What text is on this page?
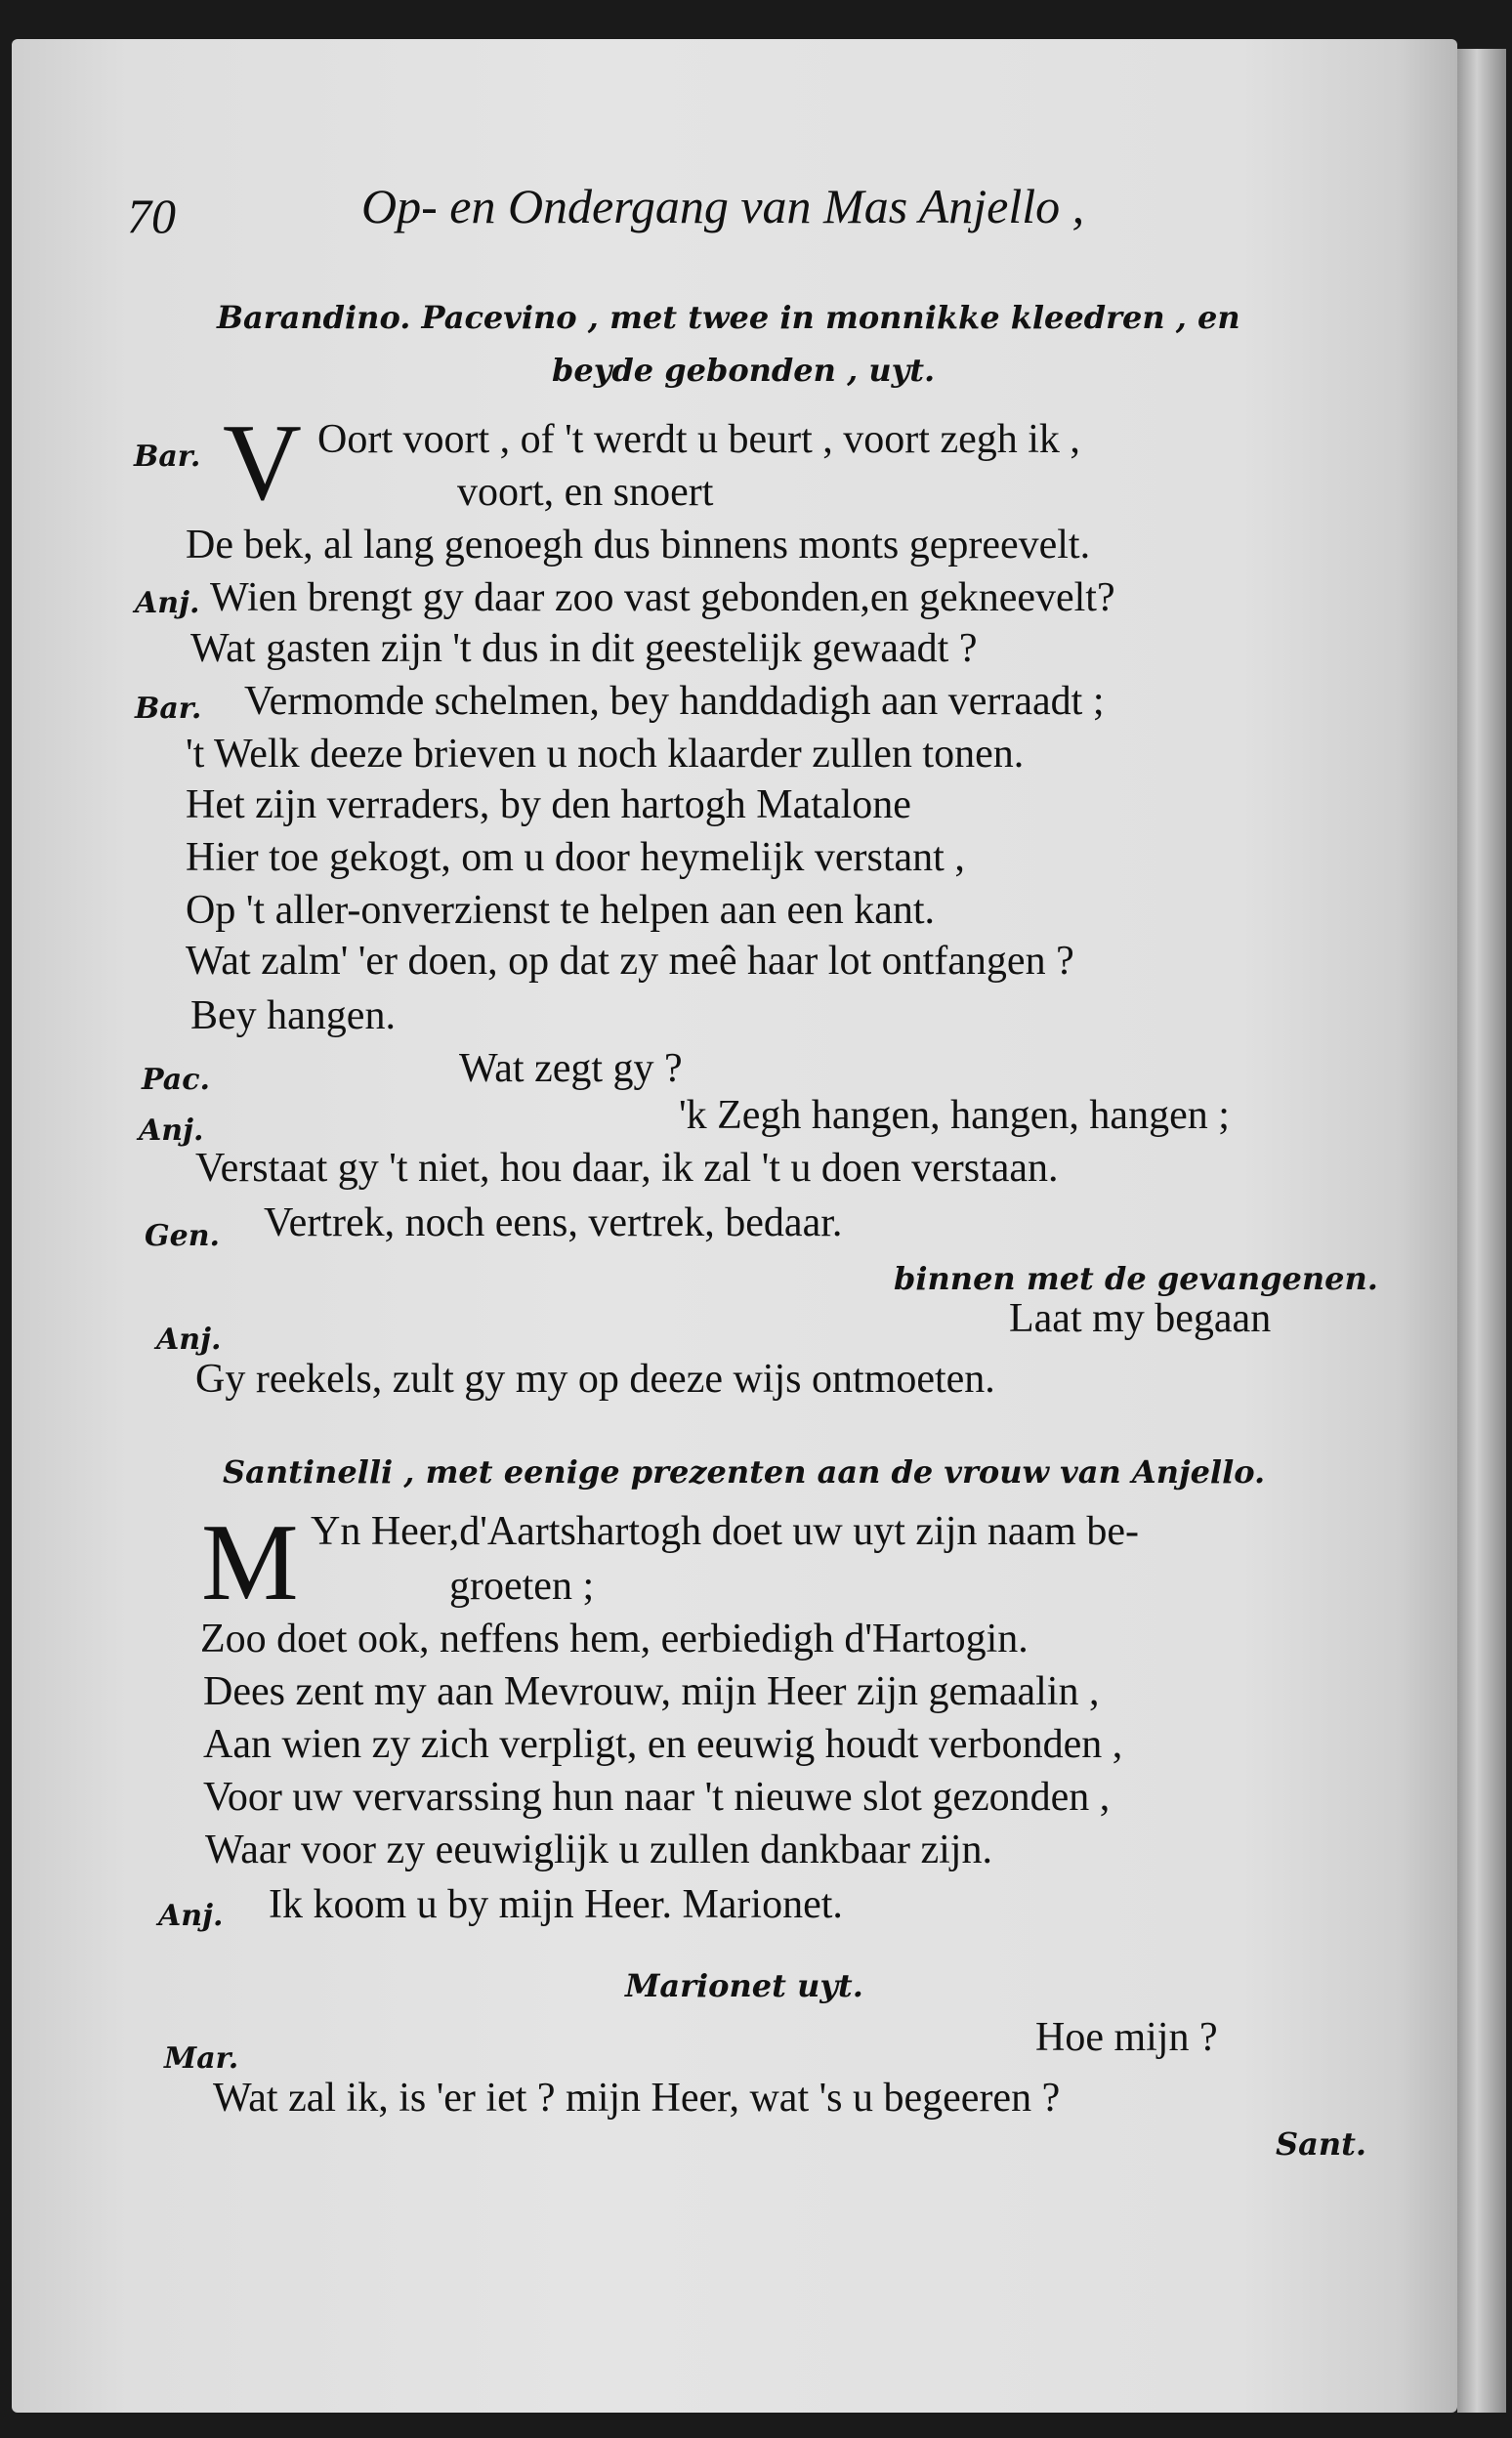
70	Op- en Ondergang van Mas Anjello ,
Barandino. Pacevino , met twee in monnikke kleedren , en
beyde gebonden , uyt.
Bar. V Oort voort , of 't werdt u beurt , voort zegh ik ,
voort, en snoert
De bek, al lang genoegh dus binnens monts gepreevelt.
Anj. Wien brengt gy daar zoo vast gebonden,en gekneevelt?
Wat gasten zijn 't dus in dit geestelijk gewaadt ?
Bar. Vermomde schelmen, bey handdadigh aan verraadt ;
't Welk deeze brieven u noch klaarder zullen tonen.
Het zijn verraders, by den hartogh Matalone
Hier toe gekogt, om u door heymelijk verstant ,
Op 't aller-onverzienst te helpen aan een kant.
Wat zalm' 'er doen, op dat zy meê haar lot ontfangen ?
Bey hangen.
Pac.	Wat zegt gy ?
Anj.	'k Zegh hangen, hangen, hangen ;
Verstaat gy 't niet, hou daar, ik zal 't u doen verstaan.
Gen. Vertrek, noch eens, vertrek, bedaar.
binnen met de gevangenen.
Anj.	Laat my begaan
Gy reekels, zult gy my op deeze wijs ontmoeten.
Santinelli , met eenige prezenten aan de vrouw van Anjello.
M Yn Heer,d'Aartshartogh doet uw uyt zijn naam be-
groeten ;
Zoo doet ook, neffens hem, eerbiedigh d'Hartogin.
Dees zent my aan Mevrouw, mijn Heer zijn gemaalin ,
Aan wien zy zich verpligt, en eeuwig houdt verbonden ,
Voor uw vervarssing hun naar 't nieuwe slot gezonden ,
Waar voor zy eeuwiglijk u zullen dankbaar zijn.
Anj. Ik koom u by mijn Heer. Marionet.
Marionet uyt.
Mar.	Hoe mijn ?
Wat zal ik, is 'er iet ? mijn Heer, wat 's u begeeren ?
Sant.
